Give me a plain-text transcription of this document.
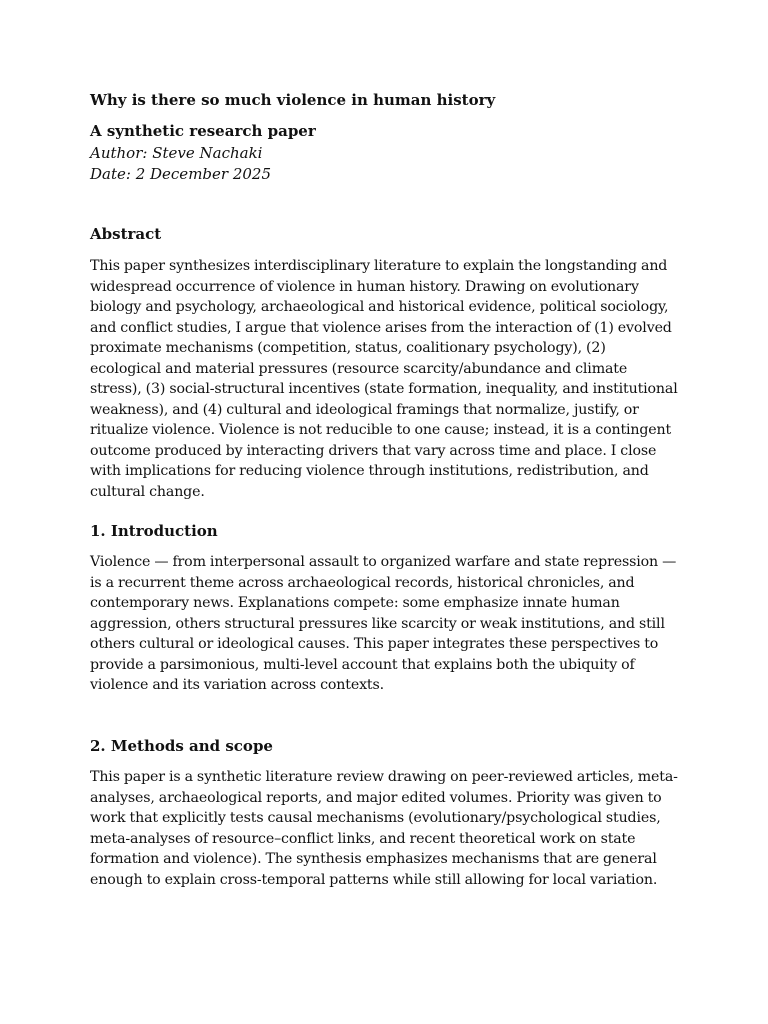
Why is there so much violence in human history
A synthetic research paper

Author: Steve Nachaki

Date: 2 December 2025

Abstract

This paper synthesizes interdisciplinary literature to explain the longstanding and widespread occurrence of violence in human history. Drawing on evolutionary biology and psychology, archaeological and historical evidence, political sociology, and conflict studies, I argue that violence arises from the interaction of (1) evolved proximate mechanisms (competition, status, coalitionary psychology), (2) ecological and material pressures (resource scarcity/abundance and climate stress), (3) social-structural incentives (state formation, inequality, and institutional weakness), and (4) cultural and ideological framings that normalize, justify, or ritualize violence. Violence is not reducible to one cause; instead, it is a contingent outcome produced by interacting drivers that vary across time and place. I close with implications for reducing violence through institutions, redistribution, and cultural change.

1. Introduction

Violence — from interpersonal assault to organized warfare and state repression — is a recurrent theme across archaeological records, historical chronicles, and contemporary news. Explanations compete: some emphasize innate human aggression, others structural pressures like scarcity or weak institutions, and still others cultural or ideological causes. This paper integrates these perspectives to provide a parsimonious, multi-level account that explains both the ubiquity of violence and its variation across contexts.

2. Methods and scope

This paper is a synthetic literature review drawing on peer-reviewed articles, meta-analyses, archaeological reports, and major edited volumes. Priority was given to work that explicitly tests causal mechanisms (evolutionary/psychological studies, meta-analyses of resource–conflict links, and recent theoretical work on state formation and violence). The synthesis emphasizes mechanisms that are general enough to explain cross-temporal patterns while still allowing for local variation.
